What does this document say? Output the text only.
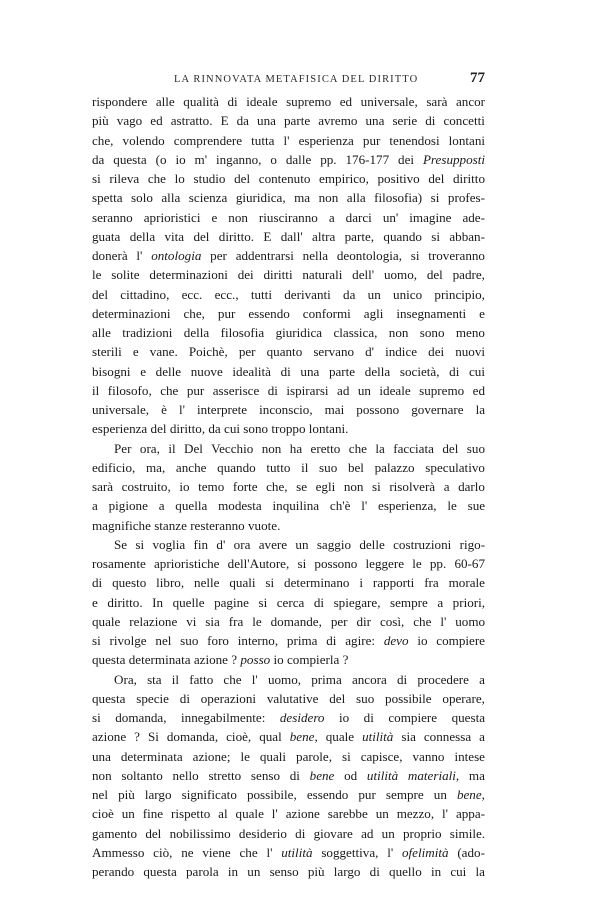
LA RINNOVATA METAFISICA DEL DIRITTO	77
rispondere alle qualità di ideale supremo ed universale, sarà ancor
più vago ed astratto. E da una parte avremo una serie di concetti
che, volendo comprendere tutta l' esperienza pur tenendosi lontani
da questa (o io m' inganno, o dalle pp. 176-177 dei Presupposti
si rileva che lo studio del contenuto empirico, positivo del diritto
spetta solo alla scienza giuridica, ma non alla filosofia) si profes-
seranno aprioristici e non riusciranno a darci un' imagine ade-
guata della vita del diritto. E dall' altra parte, quando si abban-
donerà l' ontologia per addentrarsi nella deontologia, si troveranno
le solite determinazioni dei diritti naturali dell' uomo, del padre,
del cittadino, ecc. ecc., tutti derivanti da un unico principio,
determinazioni che, pur essendo conformi agli insegnamenti e
alle tradizioni della filosofia giuridica classica, non sono meno
sterili e vane. Poichè, per quanto servano d' indice dei nuovi
bisogni e delle nuove idealità di una parte della società, di cui
il filosofo, che pur asserisce di ispirarsi ad un ideale supremo ed
universale, è l' interprete inconscio, mai possono governare la
esperienza del diritto, da cui sono troppo lontani.
Per ora, il Del Vecchio non ha eretto che la facciata del suo
edificio, ma, anche quando tutto il suo bel palazzo speculativo
sarà costruito, io temo forte che, se egli non si risolverà a darlo
a pigione a quella modesta inquilina ch'è l' esperienza, le sue
magnifiche stanze resteranno vuote.
Se si voglia fin d' ora avere un saggio delle costruzioni rigo-
rosamente aprioristiche dell'Autore, si possono leggere le pp. 60-67
di questo libro, nelle quali si determinano i rapporti fra morale
e diritto. In quelle pagine si cerca di spiegare, sempre a priori,
quale relazione vi sia fra le domande, per dir così, che l' uomo
si rivolge nel suo foro interno, prima di agire: devo io compiere
questa determinata azione ? posso io compierla ?
Ora, sta il fatto che l' uomo, prima ancora di procedere a
questa specie di operazioni valutative del suo possibile operare,
si domanda, innegabilmente: desidero io di compiere questa
azione ? Si domanda, cioè, qual bene, quale utilità sia connessa a
una determinata azione; le quali parole, si capisce, vanno intese
non soltanto nello stretto senso di bene od utilità materiali, ma
nel più largo significato possibile, essendo pur sempre un bene,
cioè un fine rispetto al quale l' azione sarebbe un mezzo, l' appa-
gamento del nobilissimo desiderio di giovare ad un proprio simile.
Ammesso ciò, ne viene che l' utilità soggettiva, l' ofelimità (ado-
perando questa parola in un senso più largo di quello in cui la
